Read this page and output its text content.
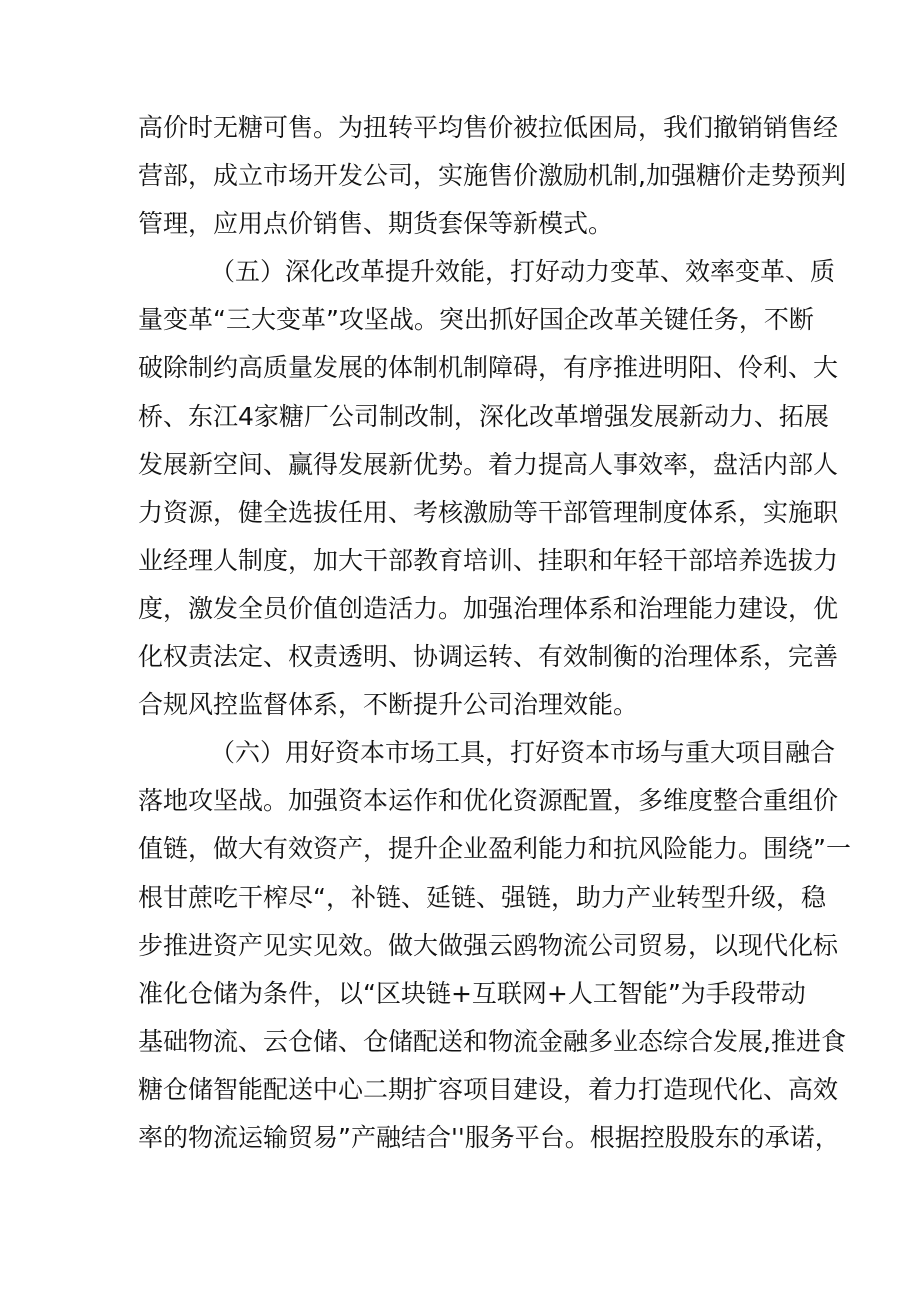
高价时无糖可售。为扭转平均售价被拉低困局，我们撤销销售经
营部，成立市场开发公司，实施售价激励机制,加强糖价走势预判
管理，应用点价销售、期货套保等新模式。
（五）深化改革提升效能，打好动力变革、效率变革、质
量变革“三大变革”攻坚战。突出抓好国企改革关键任务，不断
破除制约高质量发展的体制机制障碍，有序推进明阳、伶利、大
桥、东江4家糖厂公司制改制，深化改革增强发展新动力、拓展
发展新空间、赢得发展新优势。着力提高人事效率，盘活内部人
力资源，健全选拔任用、考核激励等干部管理制度体系，实施职
业经理人制度，加大干部教育培训、挂职和年轻干部培养选拔力
度，激发全员价值创造活力。加强治理体系和治理能力建设，优
化权责法定、权责透明、协调运转、有效制衡的治理体系，完善
合规风控监督体系，不断提升公司治理效能。
（六）用好资本市场工具，打好资本市场与重大项目融合
落地攻坚战。加强资本运作和优化资源配置，多维度整合重组价
值链，做大有效资产，提升企业盈利能力和抗风险能力。围绕”一
根甘蔗吃干榨尽“，补链、延链、强链，助力产业转型升级，稳
步推进资产见实见效。做大做强云鸥物流公司贸易，以现代化标
准化仓储为条件，以“区块链+互联网+人工智能”为手段带动
基础物流、云仓储、仓储配送和物流金融多业态综合发展,推进食
糖仓储智能配送中心二期扩容项目建设，着力打造现代化、高效
率的物流运输贸易”产融结合''服务平台。根据控股股东的承诺，
